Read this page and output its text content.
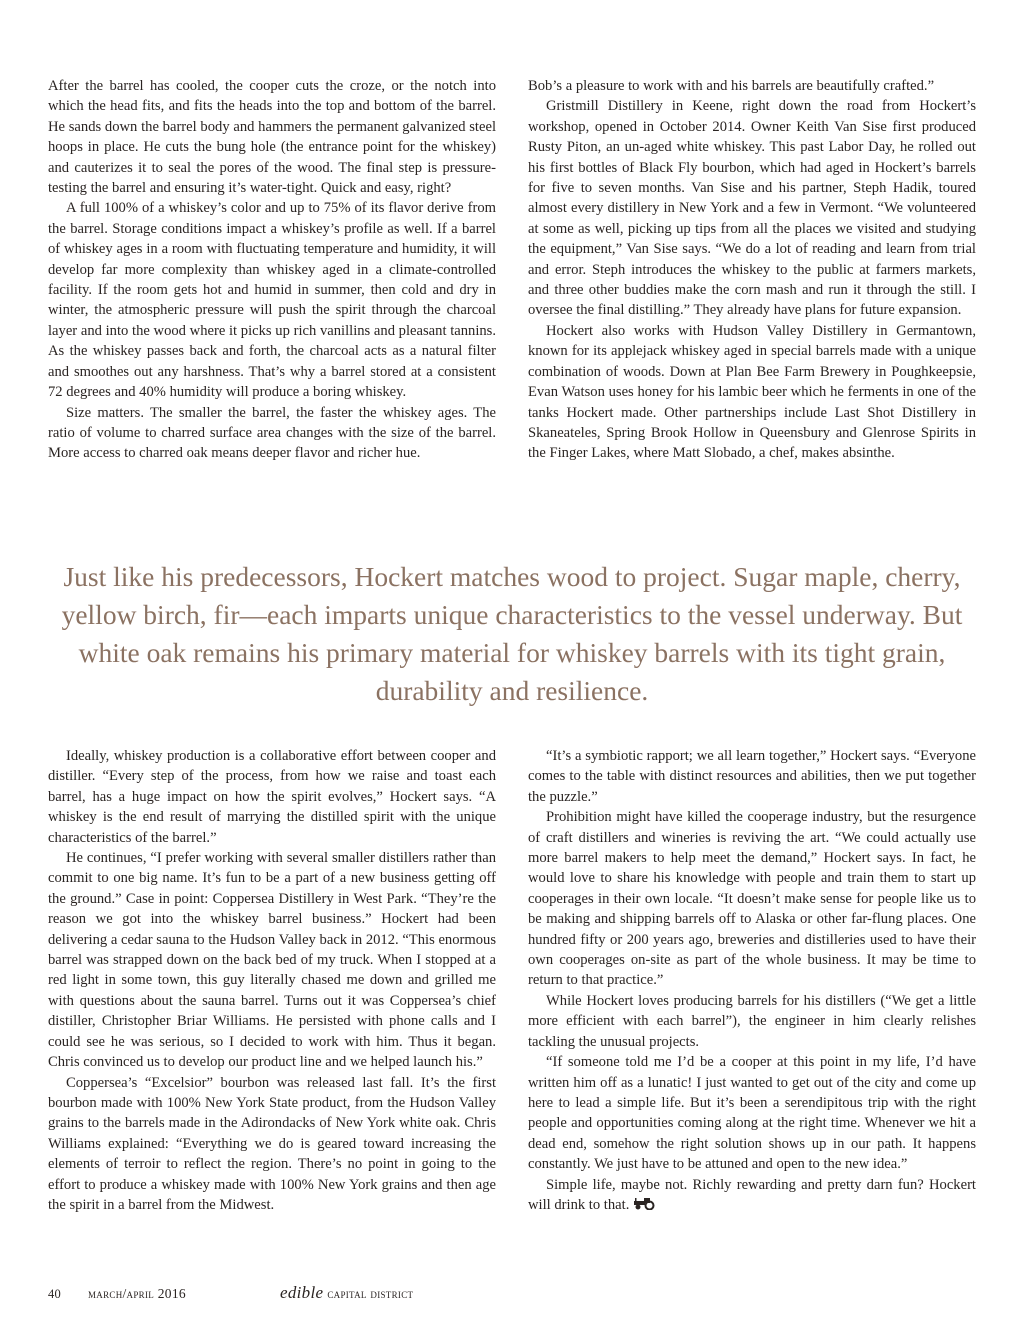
After the barrel has cooled, the cooper cuts the croze, or the notch into which the head fits, and fits the heads into the top and bottom of the barrel. He sands down the barrel body and hammers the permanent galvanized steel hoops in place. He cuts the bung hole (the entrance point for the whiskey) and cauterizes it to seal the pores of the wood. The final step is pressure-testing the barrel and ensuring it’s water-tight. Quick and easy, right?

A full 100% of a whiskey’s color and up to 75% of its flavor derive from the barrel. Storage conditions impact a whiskey’s profile as well. If a barrel of whiskey ages in a room with fluctuating temperature and humidity, it will develop far more complexity than whiskey aged in a climate-controlled facility. If the room gets hot and humid in summer, then cold and dry in winter, the atmospheric pressure will push the spirit through the charcoal layer and into the wood where it picks up rich vanillins and pleasant tannins. As the whiskey passes back and forth, the charcoal acts as a natural filter and smoothes out any harshness. That’s why a barrel stored at a consistent 72 degrees and 40% humidity will produce a boring whiskey.

Size matters. The smaller the barrel, the faster the whiskey ages. The ratio of volume to charred surface area changes with the size of the barrel. More access to charred oak means deeper flavor and richer hue.

Bob’s a pleasure to work with and his barrels are beautifully crafted.”

Gristmill Distillery in Keene, right down the road from Hockert’s workshop, opened in October 2014. Owner Keith Van Sise first produced Rusty Piton, an un-aged white whiskey. This past Labor Day, he rolled out his first bottles of Black Fly bourbon, which had aged in Hockert’s barrels for five to seven months. Van Sise and his partner, Steph Hadik, toured almost every distillery in New York and a few in Vermont. “We volunteered at some as well, picking up tips from all the places we visited and studying the equipment,” Van Sise says. “We do a lot of reading and learn from trial and error. Steph introduces the whiskey to the public at farmers markets, and three other buddies make the corn mash and run it through the still. I oversee the final distilling.” They already have plans for future expansion.

Hockert also works with Hudson Valley Distillery in Germantown, known for its applejack whiskey aged in special barrels made with a unique combination of woods. Down at Plan Bee Farm Brewery in Poughkeepsie, Evan Watson uses honey for his lambic beer which he ferments in one of the tanks Hockert made. Other partnerships include Last Shot Distillery in Skaneateles, Spring Brook Hollow in Queensbury and Glenrose Spirits in the Finger Lakes, where Matt Slobado, a chef, makes absinthe.

Just like his predecessors, Hockert matches wood to project. Sugar maple, cherry, yellow birch, fir—each imparts unique characteristics to the vessel underway. But white oak remains his primary material for whiskey barrels with its tight grain, durability and resilience.

Ideally, whiskey production is a collaborative effort between cooper and distiller. “Every step of the process, from how we raise and toast each barrel, has a huge impact on how the spirit evolves,” Hockert says. “A whiskey is the end result of marrying the distilled spirit with the unique characteristics of the barrel.”

He continues, “I prefer working with several smaller distillers rather than commit to one big name. It’s fun to be a part of a new business getting off the ground.” Case in point: Coppersea Distillery in West Park. “They’re the reason we got into the whiskey barrel business.” Hockert had been delivering a cedar sauna to the Hudson Valley back in 2012. “This enormous barrel was strapped down on the back bed of my truck. When I stopped at a red light in some town, this guy literally chased me down and grilled me with questions about the sauna barrel. Turns out it was Coppersea’s chief distiller, Christopher Briar Williams. He persisted with phone calls and I could see he was serious, so I decided to work with him. Thus it began. Chris convinced us to develop our product line and we helped launch his.”

Coppersea’s “Excelsior” bourbon was released last fall. It’s the first bourbon made with 100% New York State product, from the Hudson Valley grains to the barrels made in the Adirondacks of New York white oak. Chris Williams explained: “Everything we do is geared toward increasing the elements of terroir to reflect the region. There’s no point in going to the effort to produce a whiskey made with 100% New York grains and then age the spirit in a barrel from the Midwest.

“It’s a symbiotic rapport; we all learn together,” Hockert says. “Everyone comes to the table with distinct resources and abilities, then we put together the puzzle.”

Prohibition might have killed the cooperage industry, but the resurgence of craft distillers and wineries is reviving the art. “We could actually use more barrel makers to help meet the demand,” Hockert says. In fact, he would love to share his knowledge with people and train them to start up cooperages in their own locale. “It doesn’t make sense for people like us to be making and shipping barrels off to Alaska or other far-flung places. One hundred fifty or 200 years ago, breweries and distilleries used to have their own cooperages on-site as part of the whole business. It may be time to return to that practice.”

While Hockert loves producing barrels for his distillers (“We get a little more efficient with each barrel”), the engineer in him clearly relishes tackling the unusual projects.

“If someone told me I’d be a cooper at this point in my life, I’d have written him off as a lunatic! I just wanted to get out of the city and come up here to lead a simple life. But it’s been a serendipitous trip with the right people and opportunities coming along at the right time. Whenever we hit a dead end, somehow the right solution shows up in our path. It happens constantly. We just have to be attuned and open to the new idea.”

Simple life, maybe not. Richly rewarding and pretty darn fun? Hockert will drink to that.

40	march/april 2016	edible capital district
